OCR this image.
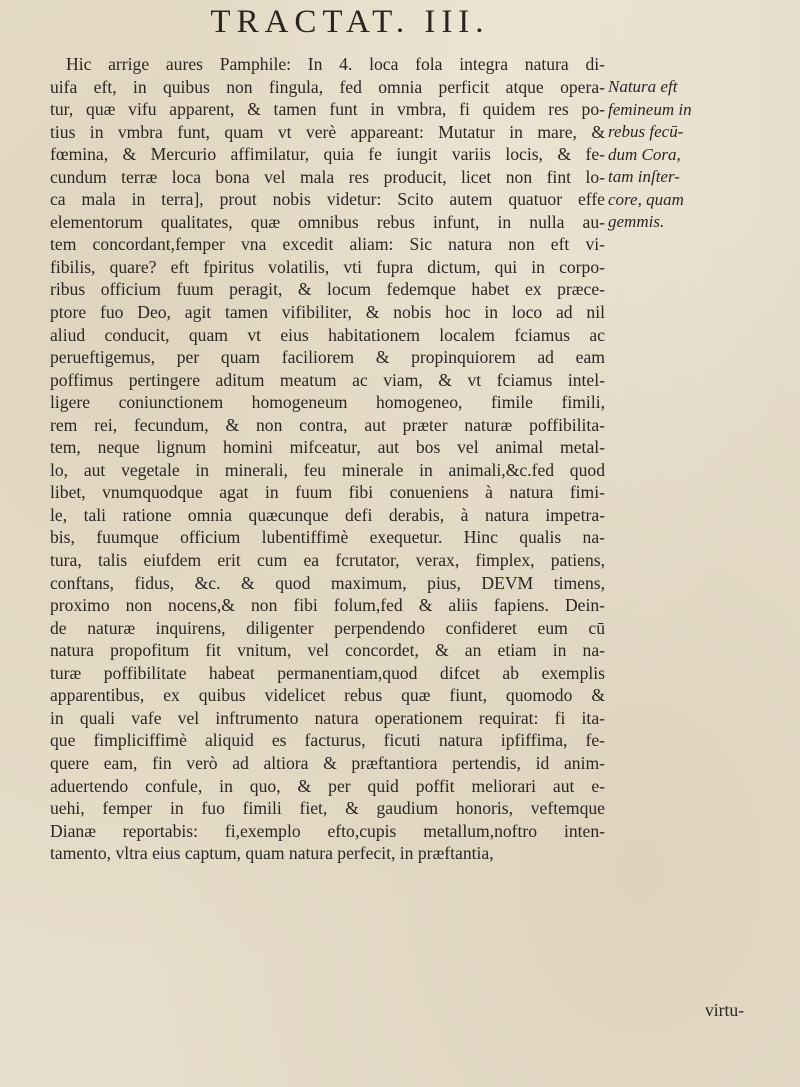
TRACTAT. III.
Hic arrige aures Pamphile: In 4. loca fola integra natura di-
uifa eft, in quibus non fingula, fed omnia perficit atque opera-
tur, quæ vifu apparent, & tamen funt in vmbra, fi quidem res po-
tius in vmbra funt, quam vt verè appareant: Mutatur in mare, &
fœmina, & Mercurio affimilatur, quia fe iungit variis locis, & fe-
cundum terræ loca bona vel mala res producit, licet non fint lo-
ca mala in terra], prout nobis videtur: Scito autem quatuor effe
elementorum qualitates, quæ omnibus rebus infunt, in nulla au-
tem concordant,femper vna excedit aliam: Sic natura non eft vi-
fibilis, quare? eft fpiritus volatilis, vti fupra dictum, qui in corpo-
ribus officium fuum peragit, & locum fedemque habet ex præce-
ptore fuo Deo, agit tamen vifibiliter, & nobis hoc in loco ad nil
aliud conducit, quam vt eius habitationem localem fciamus ac
perueftigemus, per quam faciliorem & propinquiorem ad eam
poffimus pertingere aditum meatum ac viam, & vt fciamus intel-
ligere coniunctionem homogeneum homogeneo, fimile fimili,
rem rei, fecundum, & non contra, aut præter naturæ poffibilita-
tem, neque lignum homini mifceatur, aut bos vel animal metal-
lo, aut vegetale in minerali, feu minerale in animali,&c.fed quod
libet, vnumquodque agat in fuum fibi conueniens à natura fimi-
le, tali ratione omnia quæcunque defi derabis, à natura impetra-
bis, fuumque officium lubentiffimè exequetur. Hinc qualis na-
tura, talis eiufdem erit cum ea fcrutator, verax, fimplex, patiens,
conftans, fidus, &c. & quod maximum, pius, DEVM timens,
proximo non nocens,& non fibi folum,fed & aliis fapiens. Dein-
de naturæ inquirens, diligenter perpendendo confideret eum cū
natura propofitum fit vnitum, vel concordet, & an etiam in na-
turæ poffibilitate habeat permanentiam,quod difcet ab exemplis
apparentibus, ex quibus videlicet rebus quæ fiunt, quomodo &
in quali vafe vel inftrumento natura operationem requirat: fi ita-
que fimpliciffimè aliquid es facturus, ficuti natura ipfiffima, fe-
quere eam, fin verò ad altiora & præftantiora pertendis, id anim-
aduertendo confule, in quo, & per quid poffit meliorari aut e-
uehi, femper in fuo fimili fiet, & gaudium honoris, veftemque
Dianæ reportabis: fi,exemplo efto,cupis metallum,noftro inten-
tamento, vltra eius captum, quam natura perfecit, in præftantia,
Natura eft
femineum in
rebus fecū-
dum Cora,
tam inſter-
core, quam
gemmis.
virtu-
